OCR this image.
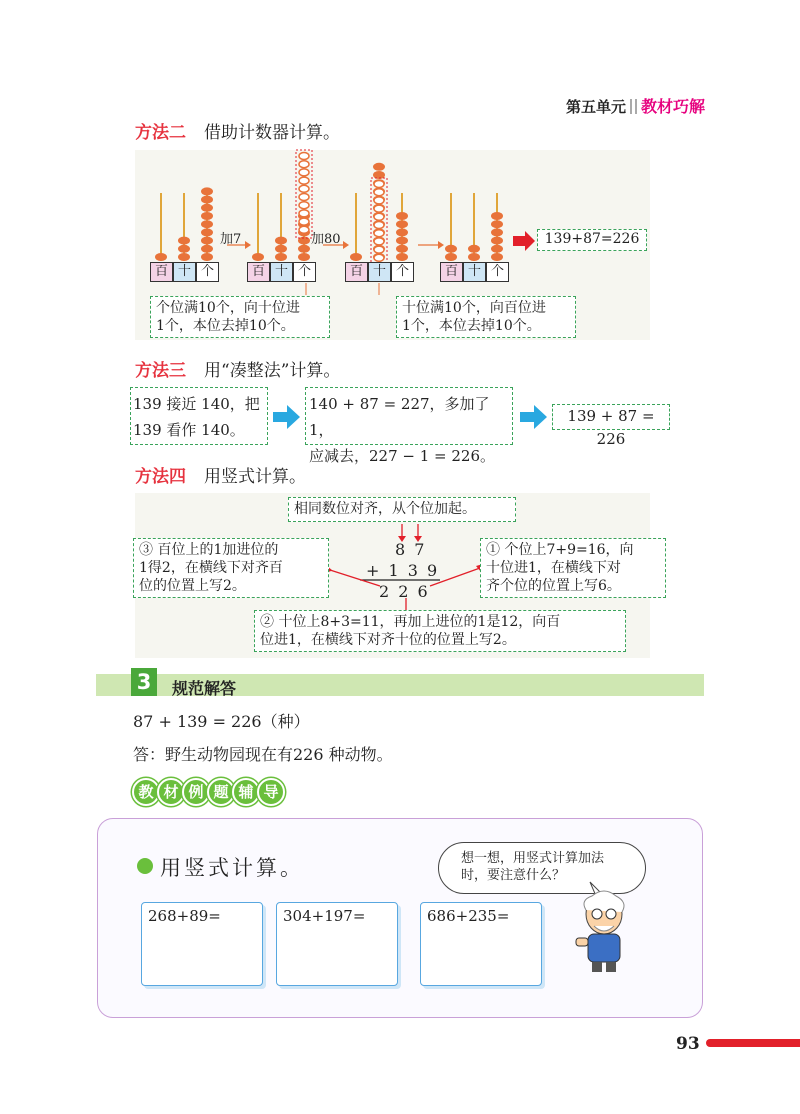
第五单元 教材巧解
方法二 借助计数器计算。
百 十 个	百 十 个	百 十 个	百 十 个
加7	加80	139+87=226
个位满10个，向十位进
1个，本位去掉10个。
十位满10个，向百位进
1个，本位去掉10个。
方法三 用“凑整法”计算。
139 接近 140，把
139 看作 140。
140 + 87 = 227，多加了 1，
应减去，227 − 1 = 226。
139 + 87 = 226
方法四 用竖式计算。
相同数位对齐，从个位加起。
8 7
+ 1 3 9
2 2 6
③ 百位上的1加进位的
1得2，在横线下对齐百
位的位置上写2。
① 个位上7+9=16，向
十位进1，在横线下对
齐个位的位置上写6。
② 十位上8+3=11，再加上进位的1是12，向百
位进1，在横线下对齐十位的位置上写2。
3	规范解答
87 + 139 = 226（种）
答：野生动物园现在有226 种动物。
教 材 例 题 辅 导
用竖式计算。	想一想，用竖式计算加法
时，要注意什么？
268+89=	304+197=	686+235=
93
